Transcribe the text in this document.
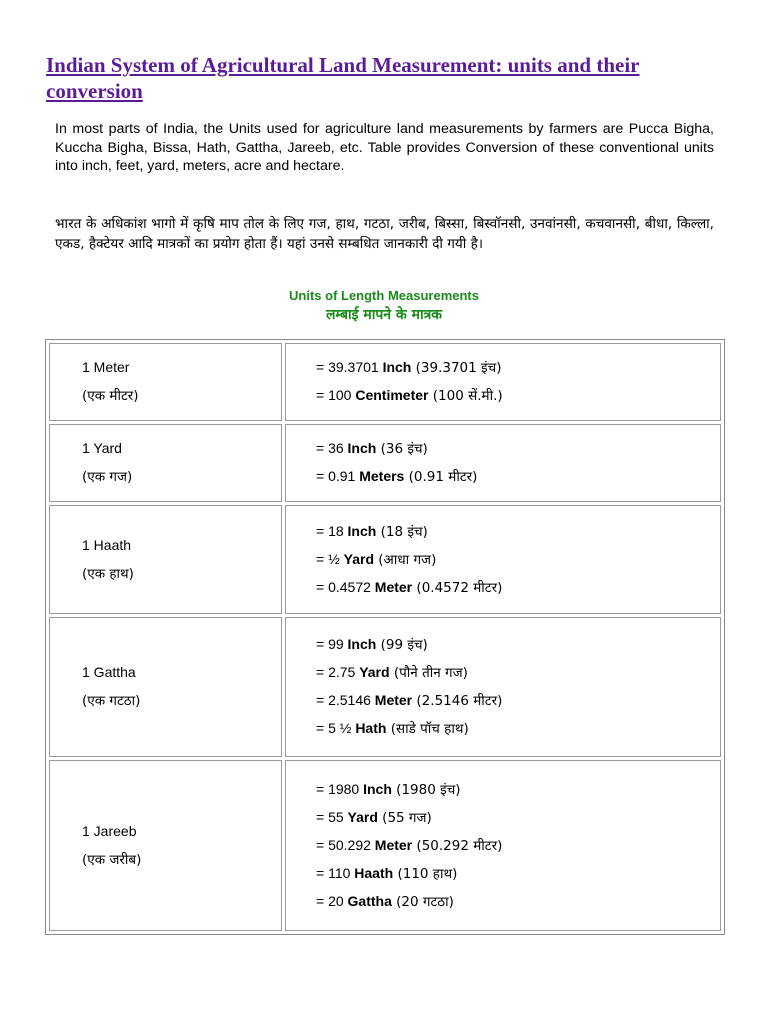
Indian System of Agricultural Land Measurement: units and their conversion

In most parts of India, the Units used for agriculture land measurements by farmers are Pucca Bigha, Kuccha Bigha, Bissa, Hath, Gattha, Jareeb, etc. Table provides Conversion of these conventional units into inch, feet, yard, meters, acre and hectare.

भारत के अधिकांश भागो में कृषि माप तोल के लिए गज, हाथ, गटठा, जरीब, बिस्सा, बिस्वॉनसी, उनवांनसी, कचवानसी, बीधा, किल्ला, एकड, हैक्टेयर आदि मात्रकों का प्रयोग होता हैं। यहां उनसे सम्बधित जानकारी दी गयी है।

Units of Length Measurements

लम्बाई मापने के मात्रक

1 Meter
(एक मीटर)	= 39.3701 Inch (39.3701 इंच)
= 100 Centimeter (100 सें.मी.)

1 Yard
(एक गज)	= 36 Inch (36 इंच)
= 0.91 Meters (0.91 मीटर)

1 Haath
(एक हाथ)	= 18 Inch (18 इंच)
= ½ Yard (आधा गज)
= 0.4572 Meter (0.4572 मीटर)

1 Gattha
(एक गटठा)	= 99 Inch (99 इंच)
= 2.75 Yard (पौने तीन गज)
= 2.5146 Meter (2.5146 मीटर)
= 5 ½ Hath (साडे पॉच हाथ)

1 Jareeb
(एक जरीब)	= 1980 Inch (1980 इंच)
= 55 Yard (55 गज)
= 50.292 Meter (50.292 मीटर)
= 110 Haath (110 हाथ)
= 20 Gattha (20 गटठा)
